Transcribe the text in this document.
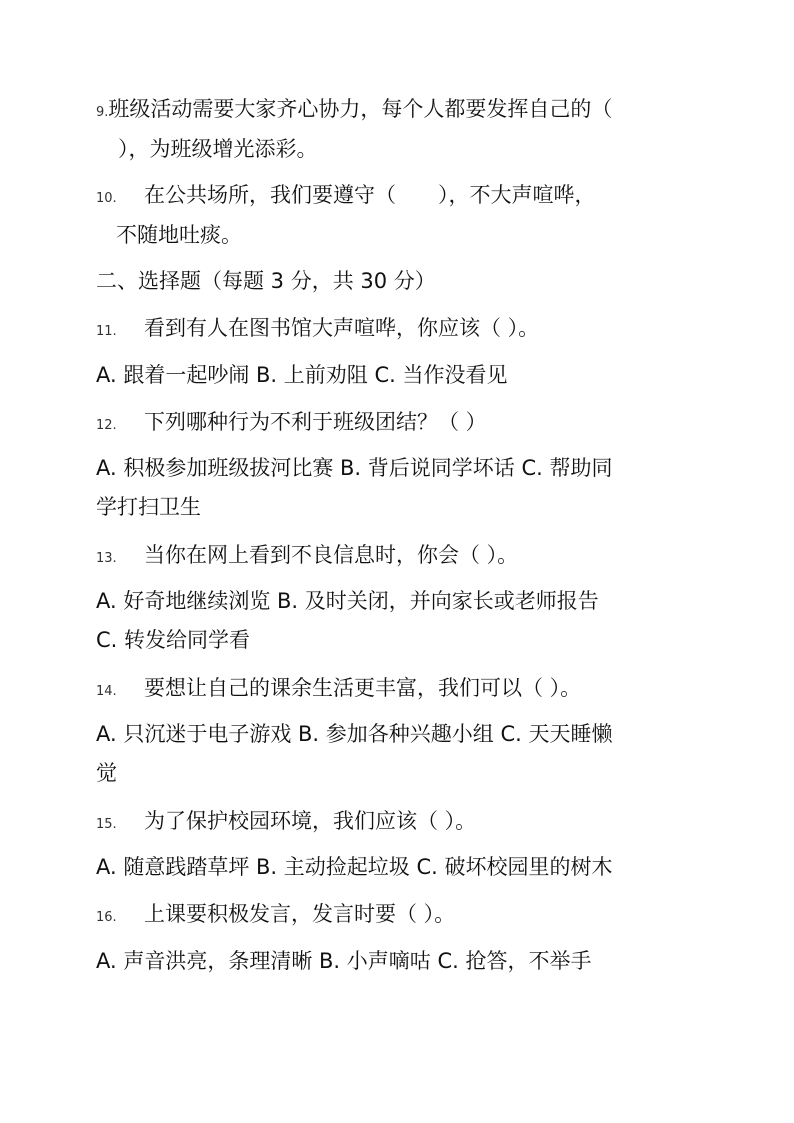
9.班级活动需要大家齐心协力，每个人都要发挥自己的（
），为班级增光添彩。
10. 在公共场所，我们要遵守（　　），不大声喧哗，
不随地吐痰。
二、选择题（每题 3 分，共 30 分）
11. 看到有人在图书馆大声喧哗，你应该（ ）。
A. 跟着一起吵闹 B. 上前劝阻 C. 当作没看见
12. 下列哪种行为不利于班级团结？（ ）
A. 积极参加班级拔河比赛 B. 背后说同学坏话 C. 帮助同
学打扫卫生
13. 当你在网上看到不良信息时，你会（ ）。
A. 好奇地继续浏览 B. 及时关闭，并向家长或老师报告
C. 转发给同学看
14. 要想让自己的课余生活更丰富，我们可以（ ）。
A. 只沉迷于电子游戏 B. 参加各种兴趣小组 C. 天天睡懒
觉
15. 为了保护校园环境，我们应该（ ）。
A. 随意践踏草坪 B. 主动捡起垃圾 C. 破坏校园里的树木
16. 上课要积极发言，发言时要（ ）。
A. 声音洪亮，条理清晰 B. 小声嘀咕 C. 抢答，不举手
